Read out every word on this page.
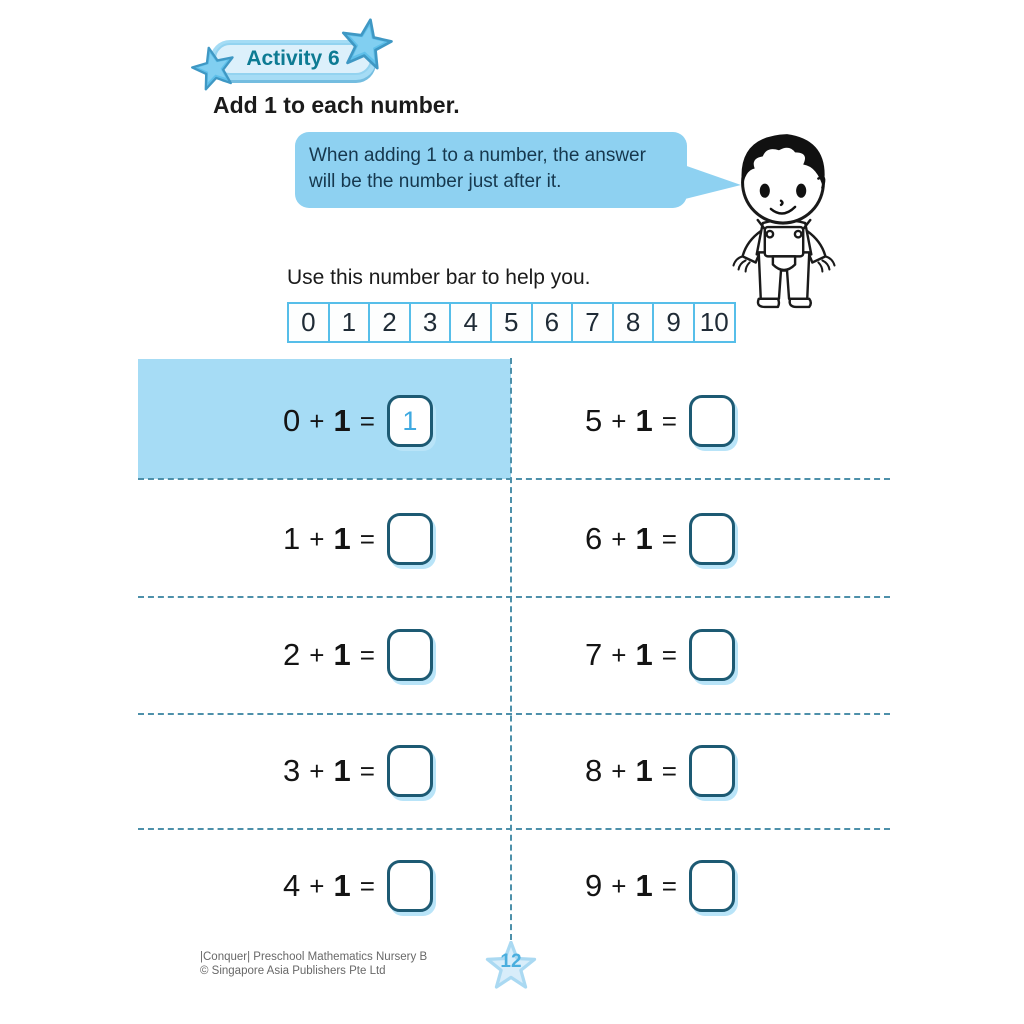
Activity 6
Add 1 to each number.
When adding 1 to a number, the answer will be the number just after it.
Use this number bar to help you.
0	1	2	3	4	5	6	7	8	9 10
0 + 1 = 1	5 + 1 =
1 + 1 =	6 + 1 =
2 + 1 =	7 + 1 =
3 + 1 =	8 + 1 =
4 + 1 =	9 + 1 =
|Conquer| Preschool Mathematics Nursery B
© Singapore Asia Publishers Pte Ltd	12
